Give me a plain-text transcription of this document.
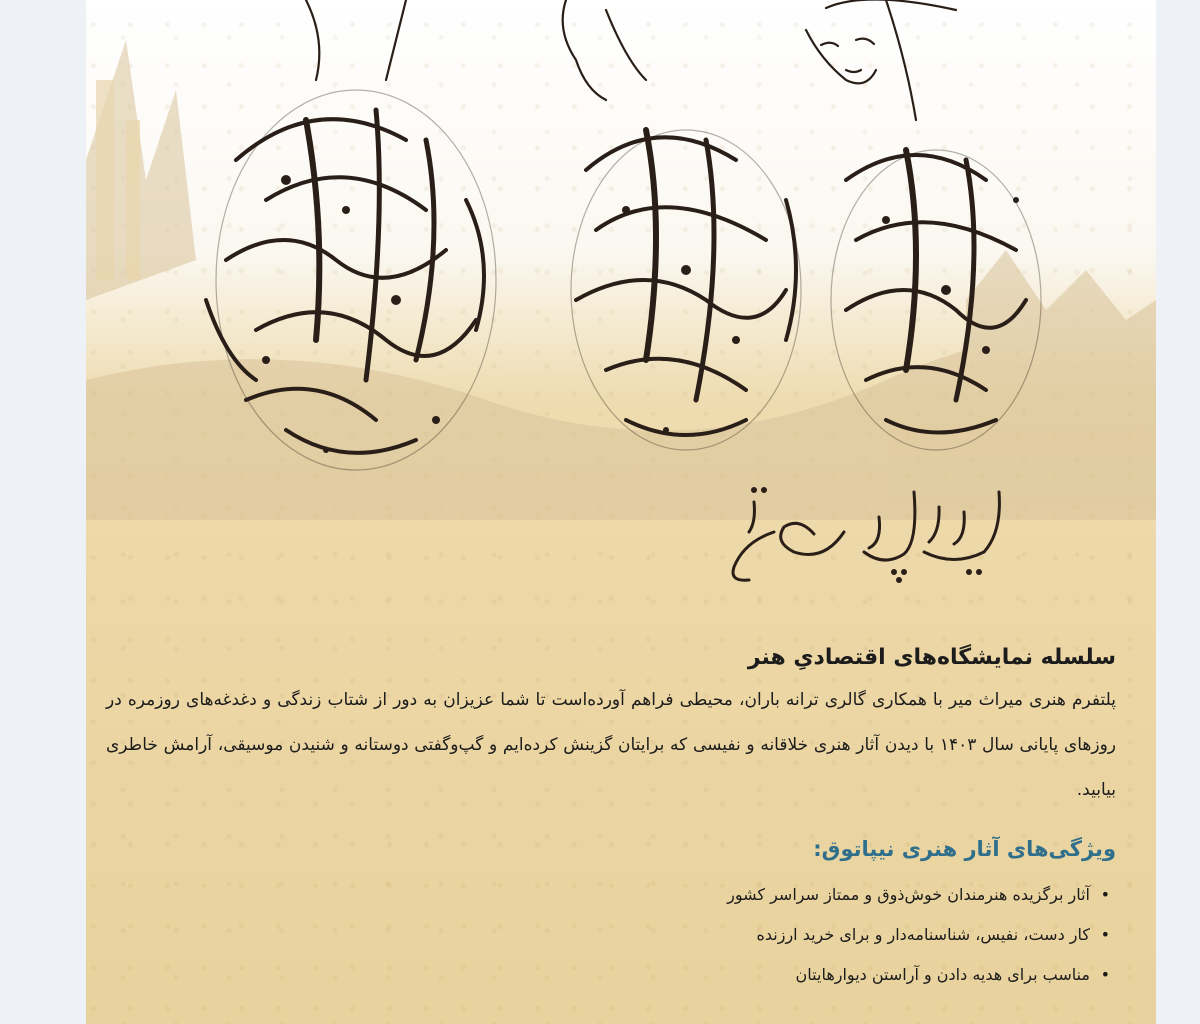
سلسله نمایشگاه‌های اقتصادیِ هنر

پلتفرم هنری میراث میر با همکاری گالری ترانه باران، محیطی فراهم آورده‌است تا شما عزیزان به دور از شتاب زندگی و دغدغه‌های روزمره در روزهای پایانی سال ۱۴۰۳ با دیدن آثار هنری خلاقانه و نفیسی که برایتان گزینش کرده‌ایم و گپ‌وگفتی دوستانه و شنیدن موسیقی، آرامش خاطری بیابید.

ویژگی‌های آثار هنری نیپاتوق:
•
آثار برگزیده هنرمندان خوش‌ذوق و ممتاز سراسر کشور
•
کار دست، نفیس، شناسنامه‌دار و برای خرید ارزنده
•
مناسب برای هدیه دادن و آراستن دیوارهایتان
